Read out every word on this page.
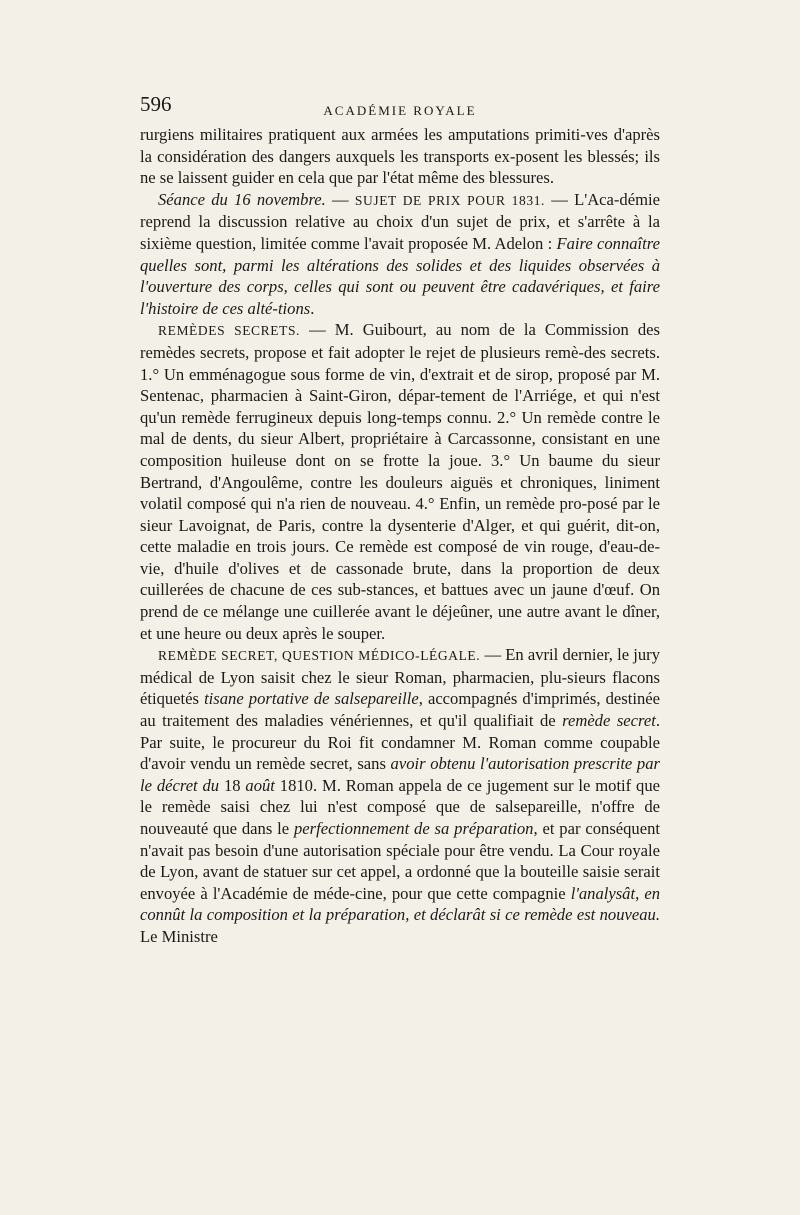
596	ACADÉMIE ROYALE

rurgiens militaires pratiquent aux armées les amputations primiti-ves d'après la considération des dangers auxquels les transports ex-posent les blessés; ils ne se laissent guider en cela que par l'état même des blessures.

Séance du 16 novembre. — SUJET DE PRIX POUR 1831. — L'Aca-démie reprend la discussion relative au choix d'un sujet de prix, et s'arrête à la sixième question, limitée comme l'avait proposée M. Adelon : Faire connaître quelles sont, parmi les altérations des solides et des liquides observées à l'ouverture des corps, celles qui sont ou peuvent être cadavériques, et faire l'histoire de ces alté-tions.

REMÈDES SECRETS. — M. Guibourt, au nom de la Commission des remèdes secrets, propose et fait adopter le rejet de plusieurs remè-des secrets. 1.° Un emménagogue sous forme de vin, d'extrait et de sirop, proposé par M. Sentenac, pharmacien à Saint-Giron, dépar-tement de l'Arriége, et qui n'est qu'un remède ferrugineux depuis long-temps connu. 2.° Un remède contre le mal de dents, du sieur Albert, propriétaire à Carcassonne, consistant en une composition huileuse dont on se frotte la joue. 3.° Un baume du sieur Bertrand, d'Angoulême, contre les douleurs aiguës et chroniques, liniment volatil composé qui n'a rien de nouveau. 4.° Enfin, un remède pro-posé par le sieur Lavoignat, de Paris, contre la dysenterie d'Alger, et qui guérit, dit-on, cette maladie en trois jours. Ce remède est composé de vin rouge, d'eau-de-vie, d'huile d'olives et de cassonade brute, dans la proportion de deux cuillerées de chacune de ces sub-stances, et battues avec un jaune d'œuf. On prend de ce mélange une cuillerée avant le déjeûner, une autre avant le dîner, et une heure ou deux après le souper.

REMÈDE SECRET, QUESTION MÉDICO-LÉGALE. — En avril dernier, le jury médical de Lyon saisit chez le sieur Roman, pharmacien, plu-sieurs flacons étiquetés tisane portative de salsepareille, accompagnés d'imprimés, destinée au traitement des maladies vénériennes, et qu'il qualifiait de remède secret. Par suite, le procureur du Roi fit condamner M. Roman comme coupable d'avoir vendu un remède secret, sans avoir obtenu l'autorisation prescrite par le décret du 18 août 1810. M. Roman appela de ce jugement sur le motif que le remède saisi chez lui n'est composé que de salsepareille, n'offre de nouveauté que dans le perfectionnement de sa préparation, et par conséquent n'avait pas besoin d'une autorisation spéciale pour être vendu. La Cour royale de Lyon, avant de statuer sur cet appel, a ordonné que la bouteille saisie serait envoyée à l'Académie de méde-cine, pour que cette compagnie l'analysât, en connût la composition et la préparation, et déclarât si ce remède est nouveau. Le Ministre
